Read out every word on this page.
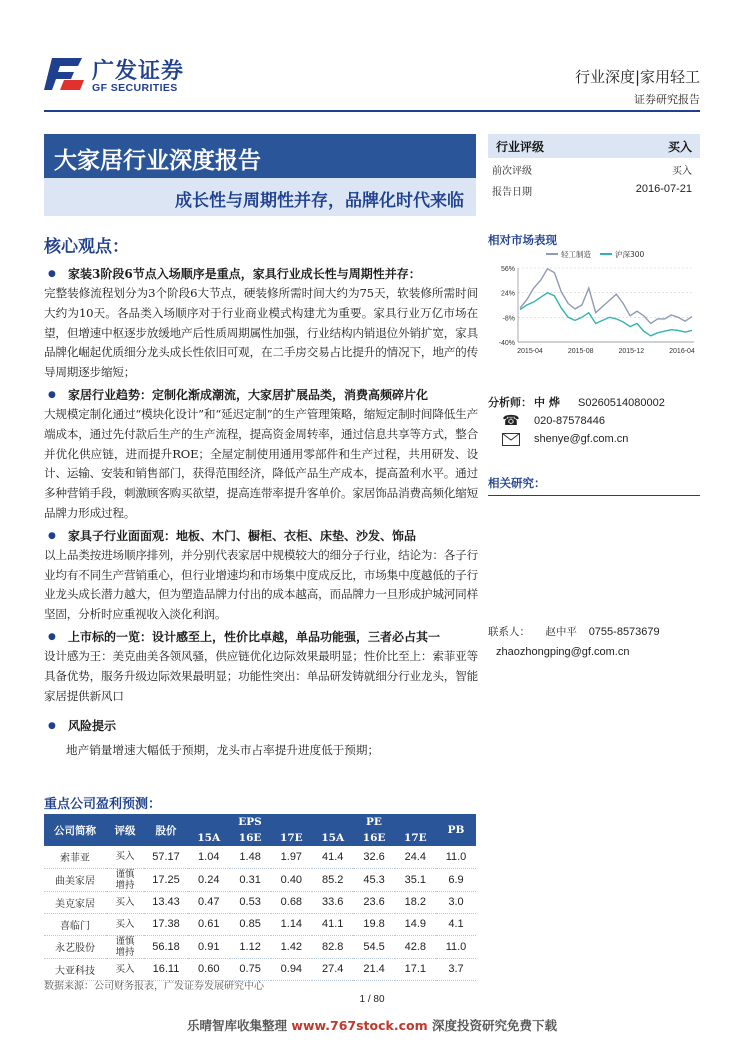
广发证券
GF SECURITIES
行业深度|家用轻工
证券研究报告
大家居行业深度报告
成长性与周期性并存，品牌化时代来临
核心观点：
● 家装3阶段6节点入场顺序是重点，家具行业成长性与周期性并存：
完整装修流程划分为3个阶段6大节点，硬装修所需时间大约为75天，软装修所需时间大约为10天。各品类入场顺序对于行业商业模式构建尤为重要。家具行业万亿市场在望，但增速中枢逐步放缓地产后性质周期属性加强，行业结构内销退位外销扩宽，家具品牌化崛起优质细分龙头成长性依旧可观，在二手房交易占比提升的情况下，地产的传导周期逐步缩短；
● 家居行业趋势：定制化渐成潮流，大家居扩展品类，消费高频碎片化
大规模定制化通过“模块化设计”和“延迟定制”的生产管理策略，缩短定制时间降低生产端成本，通过先付款后生产的生产流程，提高资金周转率，通过信息共享等方式，整合并优化供应链，进而提升ROE；全屋定制使用通用零部件和生产过程，共用研发、设计、运输、安装和销售部门，获得范围经济，降低产品生产成本，提高盈利水平。通过多种营销手段，刺激顾客购买欲望，提高连带率提升客单价。家居饰品消费高频化缩短品牌力形成过程。
● 家具子行业面面观：地板、木门、橱柜、衣柜、床垫、沙发、饰品
以上品类按进场顺序排列，并分别代表家居中规模较大的细分子行业，结论为：各子行业均有不同生产营销重心，但行业增速均和市场集中度成反比，市场集中度越低的子行业龙头成长潜力越大，但为塑造品牌力付出的成本越高，而品牌力一旦形成护城河同样坚固，分析时应重视收入淡化利润。
● 上市标的一览：设计感至上，性价比卓越，单品功能强，三者必占其一
设计感为王：美克曲美各领风骚，供应链优化边际效果最明显；性价比至上：索菲亚等具备优势，服务升级边际效果最明显；功能性突出：单品研发铸就细分行业龙头，智能家居提供新风口
● 风险提示
地产销量增速大幅低于预期，龙头市占率提升进度低于预期；
行业评级	买入
前次评级	买入
报告日期	2016-07-21
相对市场表现
轻工制造	沪深300
56%
24%
-8%
-40%
2015-04	2015-08	2015-12	2016-04
分析师： 中 烨	S0260514080002
☎	020-87578446
shenye@gf.com.cn
相关研究：
联系人： 赵中平 0755-8573679
zhaozhongping@gf.com.cn
重点公司盈利预测：
公司简称	评级	股价	EPS			PE			PB
			15A	16E	17E	15A	16E	17E	
索菲亚	买入	57.17	1.04	1.48	1.97	41.4	32.6	24.4	11.0
曲美家居	谨慎
增持	17.25	0.24	0.31	0.40	85.2	45.3	35.1	6.9
美克家居	买入	13.43	0.47	0.53	0.68	33.6	23.6	18.2	3.0
喜临门	买入	17.38	0.61	0.85	1.14	41.1	19.8	14.9	4.1
永艺股份	谨慎
增持	56.18	0.91	1.12	1.42	82.8	54.5	42.8	11.0
大亚科技	买入	16.11	0.60	0.75	0.94	27.4	21.4	17.1	3.7
数据来源：公司财务报表，广发证券发展研究中心
1 / 80
乐晴智库收集整理 www.767stock.com 深度投资研究免费下载
